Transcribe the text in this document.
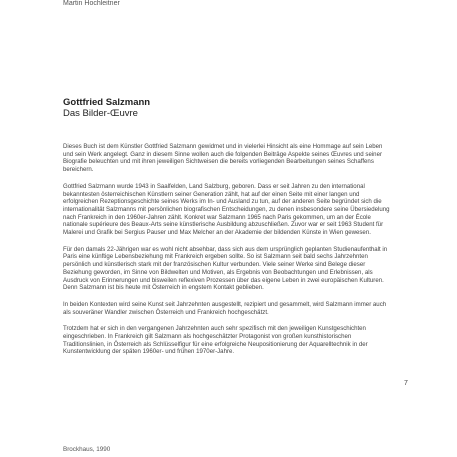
Martin Hochleitner

Gottfried Salzmann

Das Bilder-Œuvre

Dieses Buch ist dem Künstler Gottfried Salzmann gewidmet und in vielerlei Hinsicht als eine Hommage auf sein Leben und sein Werk angelegt. Ganz in diesem Sinne wollen auch die folgenden Beiträge Aspekte seines Œuvres und seiner Biografie beleuchten und mit ihren jeweiligen Sichtweisen die bereits vorliegenden Bearbeitungen seines Schaffens bereichern.

Gottfried Salzmann wurde 1943 in Saalfelden, Land Salzburg, geboren. Dass er seit Jahren zu den international bekanntesten österreichischen Künstlern seiner Generation zählt, hat auf der einen Seite mit einer langen und erfolgreichen Rezeptionsgeschichte seines Werks im In- und Ausland zu tun, auf der anderen Seite begründet sich die internationalität Salzmanns mit persönlichen biografischen Entscheidungen, zu denen insbesondere seine Übersiedelung nach Frankreich in den 1960er-Jahren zählt. Konkret war Salzmann 1965 nach Paris gekommen, um an der École nationale supérieure des Beaux-Arts seine künstlerische Ausbildung abzuschließen. Zuvor war er seit 1963 Student für Malerei und Grafik bei Sergius Pauser und Max Melcher an der Akademie der bildenden Künste in Wien gewesen.

Für den damals 22-Jährigen war es wohl nicht absehbar, dass sich aus dem ursprünglich geplanten Studienaufenthalt in Paris eine künftige Lebensbeziehung mit Frankreich ergeben sollte. So ist Salzmann seit bald sechs Jahrzehnten persönlich und künstlerisch stark mit der französischen Kultur verbunden. Viele seiner Werke sind Belege dieser Beziehung geworden, im Sinne von Bildwelten und Motiven, als Ergebnis von Beobachtungen und Erlebnissen, als Ausdruck von Erinnerungen und bisweilen reflexiven Prozessen über das eigene Leben in zwei europäischen Kulturen. Denn Salzmann ist bis heute mit Österreich in engstem Kontakt geblieben.

In beiden Kontexten wird seine Kunst seit Jahrzehnten ausgestellt, rezipiert und gesammelt, wird Salzmann immer auch als souveräner Wandler zwischen Österreich und Frankreich hochgeschätzt.

Trotzdem hat er sich in den vergangenen Jahrzehnten auch sehr spezifisch mit den jeweiligen Kunstgeschichten eingeschrieben. In Frankreich gilt Salzmann als hochgeschätzter Protagonist von großen kunsthistorischen Traditionslinien, in Österreich als Schlüsselfigur für eine erfolgreiche Neupositionierung der Aquarelltechnik in der Kunstentwicklung der späten 1960er- und frühen 1970er-Jahre.

7
Brockhaus, 1990
